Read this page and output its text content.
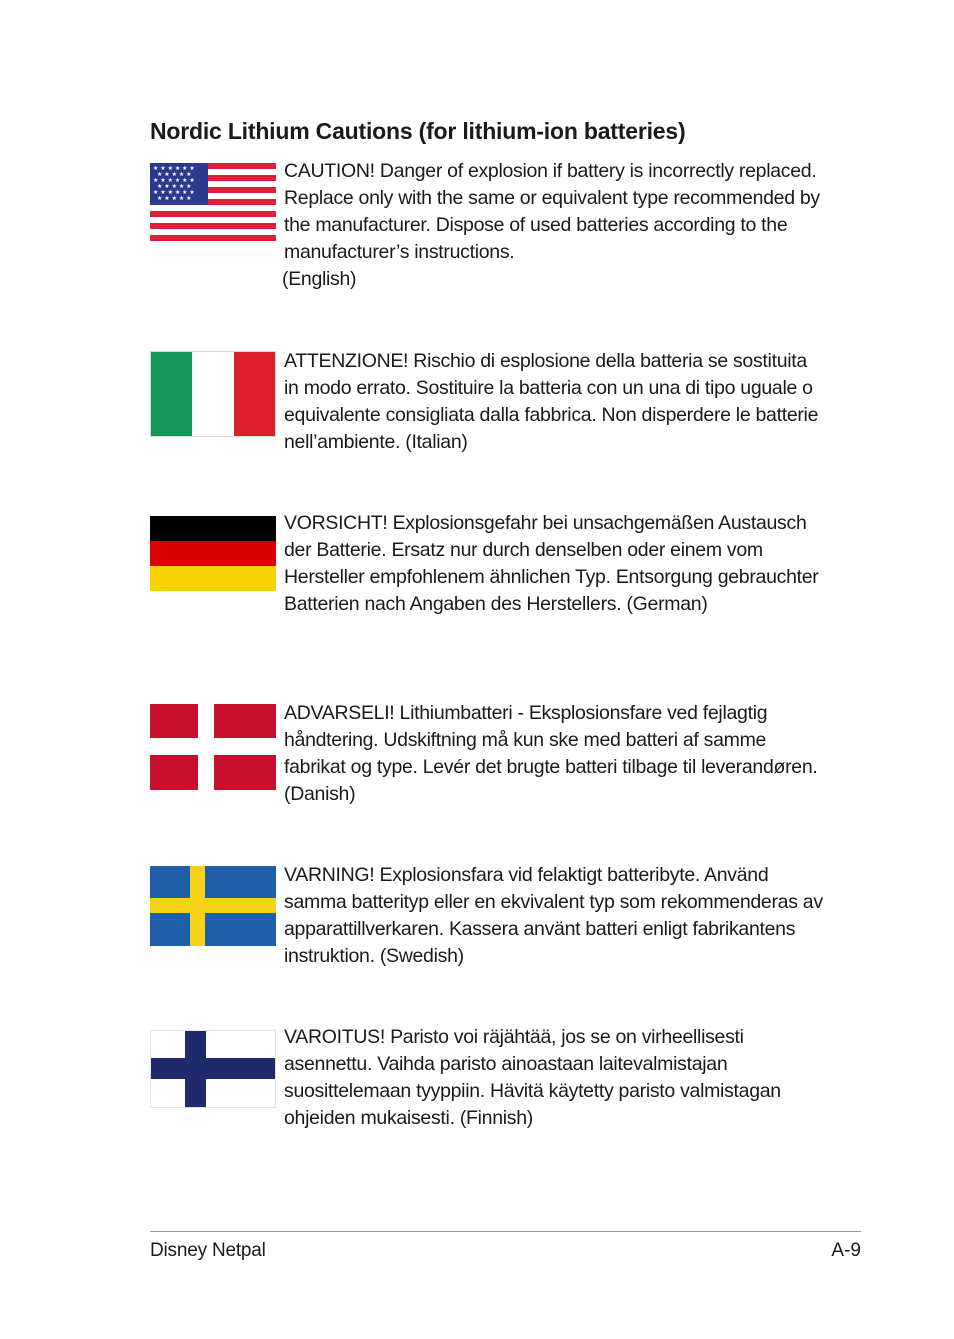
Nordic Lithium Cautions (for lithium-ion batteries)
★ ★ ★ ★ ★ ★
★ ★ ★ ★ ★
★ ★ ★ ★ ★ ★
★ ★ ★ ★ ★
★ ★ ★ ★ ★ ★
★ ★ ★ ★ ★

CAUTION! Danger of explosion if battery is incorrectly replaced. Replace only with the same or equivalent type recommended by the manufacturer. Dispose of used batteries according to the manufacturer’s instructions.
(English)

ATTENZIONE! Rischio di esplosione della batteria se sostituita in modo errato. Sostituire la batteria con un una di tipo uguale o equivalente consigliata dalla fabbrica. Non disperdere le batterie nell’ambiente. (Italian)

VORSICHT! Explosionsgefahr bei unsachgemäßen Austausch der Batterie. Ersatz nur durch denselben oder einem vom Hersteller empfohlenem ähnlichen Typ. Entsorgung gebrauchter Batterien nach Angaben des Herstellers. (German)

ADVARSELI! Lithiumbatteri - Eksplosionsfare ved fejlagtig håndtering. Udskiftning må kun ske med batteri af samme fabrikat og type. Levér det brugte batteri tilbage til leverandøren. (Danish)

VARNING! Explosionsfara vid felaktigt batteribyte. Använd samma batterityp eller en ekvivalent typ som rekommenderas av apparattillverkaren. Kassera använt batteri enligt fabrikantens instruktion. (Swedish)

VAROITUS! Paristo voi räjähtää, jos se on virheellisesti asennettu. Vaihda paristo ainoastaan laitevalmistajan suosittelemaan tyyppiin. Hävitä käytetty paristo valmistagan ohjeiden mukaisesti. (Finnish)

Disney Netpal	A-9
